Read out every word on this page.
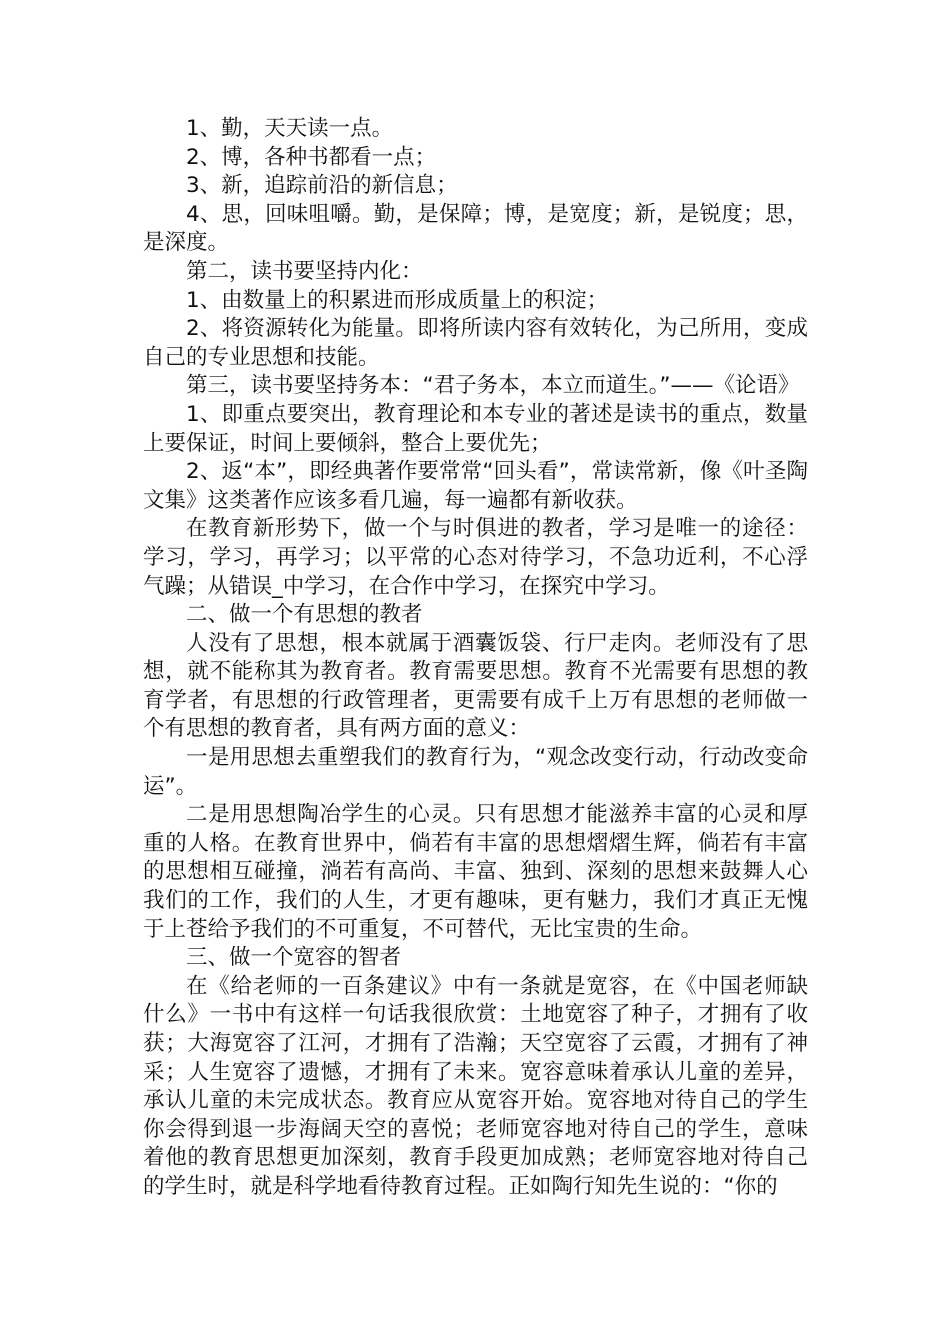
1、勤，天天读一点。

2、博，各种书都看一点；

3、新，追踪前沿的新信息；

4、思，回味咀嚼。勤，是保障；博，是宽度；新，是锐度；思，是深度。

第二，读书要坚持内化：

1、由数量上的积累进而形成质量上的积淀；

2、将资源转化为能量。即将所读内容有效转化，为己所用，变成自己的专业思想和技能。

第三，读书要坚持务本：“君子务本，本立而道生。”——《论语》

1、即重点要突出，教育理论和本专业的著述是读书的重点，数量上要保证，时间上要倾斜，整合上要优先；

2、返“本”，即经典著作要常常“回头看”，常读常新，像《叶圣陶文集》这类著作应该多看几遍，每一遍都有新收获。

在教育新形势下，做一个与时俱进的教者，学习是唯一的途径：学习，学习，再学习；以平常的心态对待学习，不急功近利，不心浮气躁；从错误_中学习，在合作中学习，在探究中学习。

二、做一个有思想的教者

人没有了思想，根本就属于酒囊饭袋、行尸走肉。老师没有了思想，就不能称其为教育者。教育需要思想。教育不光需要有思想的教育学者，有思想的行政管理者，更需要有成千上万有思想的老师做一个有思想的教育者，具有两方面的意义：

一是用思想去重塑我们的教育行为，“观念改变行动，行动改变命运”。

二是用思想陶冶学生的心灵。只有思想才能滋养丰富的心灵和厚重的人格。在教育世界中，倘若有丰富的思想熠熠生辉，倘若有丰富的思想相互碰撞，淌若有高尚、丰富、独到、深刻的思想来鼓舞人心我们的工作，我们的人生，才更有趣味，更有魅力，我们才真正无愧于上苍给予我们的不可重复，不可替代，无比宝贵的生命。

三、做一个宽容的智者

在《给老师的一百条建议》中有一条就是宽容，在《中国老师缺什么》一书中有这样一句话我很欣赏：土地宽容了种子，才拥有了收获；大海宽容了江河，才拥有了浩瀚；天空宽容了云霞，才拥有了神采；人生宽容了遗憾，才拥有了未来。宽容意味着承认儿童的差异，承认儿童的未完成状态。教育应从宽容开始。宽容地对待自己的学生你会得到退一步海阔天空的喜悦；老师宽容地对待自己的学生，意味着他的教育思想更加深刻，教育手段更加成熟；老师宽容地对待自己的学生时，就是科学地看待教育过程。正如陶行知先生说的：“你的
